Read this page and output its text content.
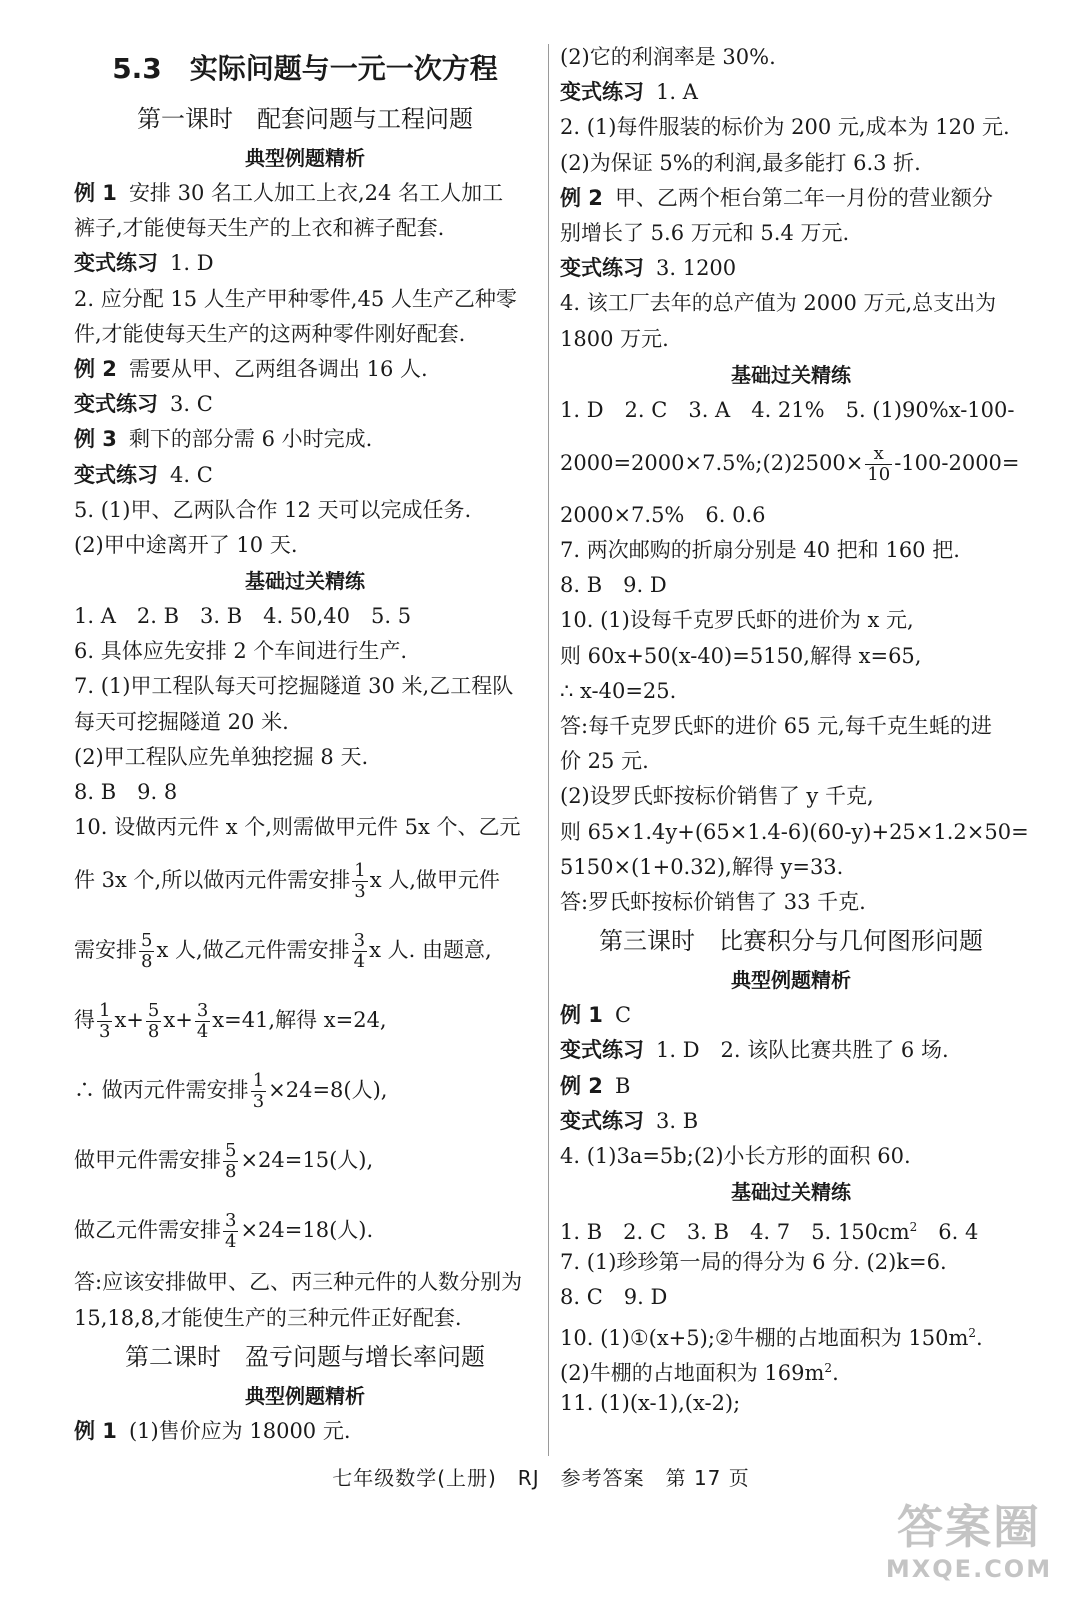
5.3　实际问题与一元一次方程
第一课时　配套问题与工程问题
典型例题精析
例 1 安排 30 名工人加工上衣,24 名工人加工
裤子,才能使每天生产的上衣和裤子配套.
变式练习 1. D
2. 应分配 15 人生产甲种零件,45 人生产乙种零
件,才能使每天生产的这两种零件刚好配套.
例 2 需要从甲、乙两组各调出 16 人.
变式练习 3. C
例 3 剩下的部分需 6 小时完成.
变式练习 4. C
5. (1)甲、乙两队合作 12 天可以完成任务.
(2)甲中途离开了 10 天.
基础过关精练
1. A　2. B　3. B　4. 50,40　5. 5
6. 具体应先安排 2 个车间进行生产.
7. (1)甲工程队每天可挖掘隧道 30 米,乙工程队
每天可挖掘隧道 20 米.
(2)甲工程队应先单独挖掘 8 天.
8. B　9. 8
10. 设做丙元件 x 个,则需做甲元件 5x 个、乙元
件 3x 个,所以做丙元件需安排 $\frac{1}{3}$ x 人,做甲元件
需安排 $\frac{5}{8}$ x 人,做乙元件需安排 $\frac{3}{4}$ x 人. 由题意,
得 $\frac{1}{3} x+ \frac{5}{8} x+ \frac{3}{4} x=41$,解得 x=24,
∴ 做丙元件需安排 $\frac{1}{3} \times 24=8$(人),
做甲元件需安排 $\frac{5}{8} \times 24=15$(人),
做乙元件需安排 $\frac{3}{4} \times 24=18$(人).
答:应该安排做甲、乙、丙三种元件的人数分别为
15,18,8,才能使生产的三种元件正好配套.
第二课时　盈亏问题与增长率问题
典型例题精析
例 1 (1)售价应为 18000 元.
(2)它的利润率是 30%.
变式练习 1. A
2. (1)每件服装的标价为 200 元,成本为 120 元.
(2)为保证 5%的利润,最多能打 6.3 折.
例 2 甲、乙两个柜台第二年一月份的营业额分
别增长了 5.6 万元和 5.4 万元.
变式练习 3. 1200
4. 该工厂去年的总产值为 2000 万元,总支出为
1800 万元.
基础过关精练
1. D　2. C　3. A　4. 21%　5. (1)90%x-100-
2000=2000×7.5%;(2)2500× $\frac{x}{10} -100-2000=$
2000×7.5%　6. 0.6
7. 两次邮购的折扇分别是 40 把和 160 把.
8. B　9. D
10. (1)设每千克罗氏虾的进价为 x 元,
则 60x+50(x-40)=5150,解得 x=65,
∴ x-40=25.
答:每千克罗氏虾的进价 65 元,每千克生蚝的进
价 25 元.
(2)设罗氏虾按标价销售了 y 千克,
则 65×1.4y+(65×1.4-6)(60-y)+25×1.2×50=
5150×(1+0.32),解得 y=33.
答:罗氏虾按标价销售了 33 千克.
第三课时　比赛积分与几何图形问题
典型例题精析
例 1 C
变式练习 1. D　2. 该队比赛共胜了 6 场.
例 2 B
变式练习 3. B
4. (1)3a=5b;(2)小长方形的面积 60.
基础过关精练
1. B　2. C　3. B　4. 7　5. $150cm^2$　6. 4
7. (1)珍珍第一局的得分为 6 分. (2)k=6.
8. C　9. D
10. (1)①(x+5);②牛棚的占地面积为 $150m^2$.
(2)牛棚的占地面积为 $169m^2$.
11. (1)(x-1),(x-2);
七年级数学(上册)　RJ　参考答案　第 17 页
答案圈
MXQE.COM
